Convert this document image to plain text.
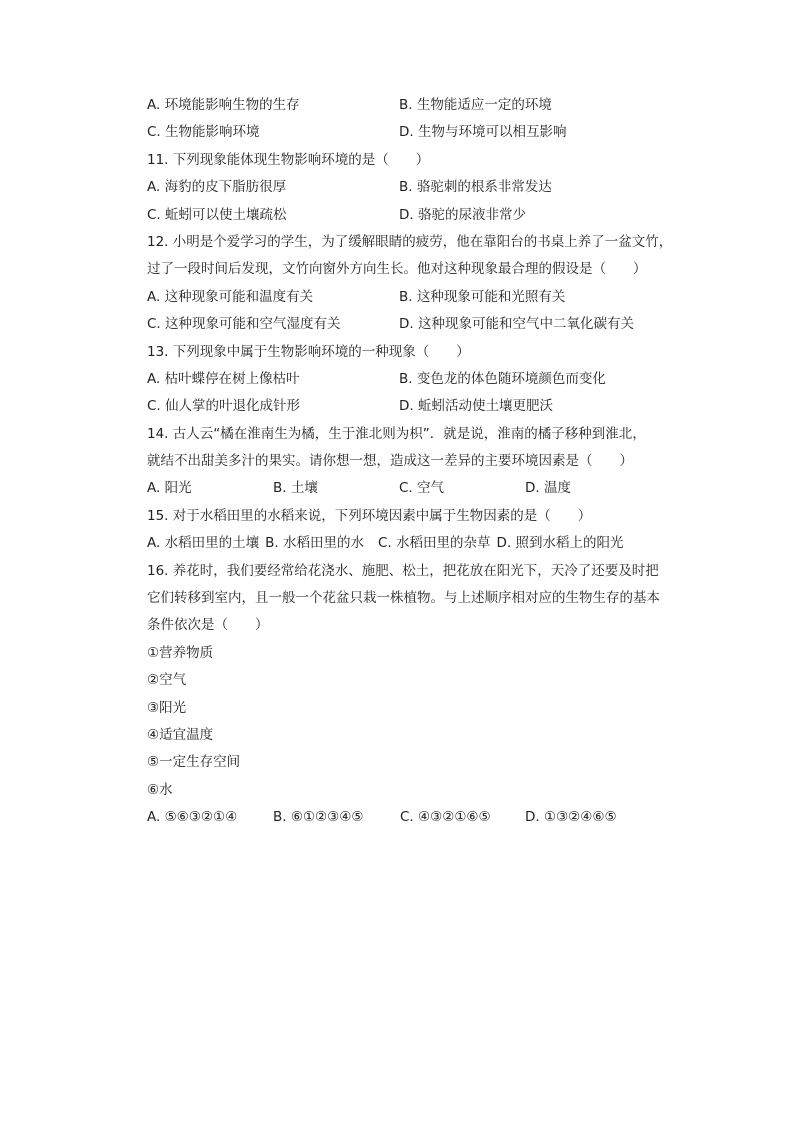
A. 环境能影响生物的生存	B. 生物能适应一定的环境
C. 生物能影响环境	D. 生物与环境可以相互影响
11. 下列现象能体现生物影响环境的是（　　）
A. 海豹的皮下脂肪很厚	B. 骆驼刺的根系非常发达
C. 蚯蚓可以使土壤疏松	D. 骆驼的尿液非常少
12. 小明是个爱学习的学生，为了缓解眼睛的疲劳，他在靠阳台的书桌上养了一盆文竹，
过了一段时间后发现，文竹向窗外方向生长。他对这种现象最合理的假设是（　　）
A. 这种现象可能和温度有关	B. 这种现象可能和光照有关
C. 这种现象可能和空气湿度有关	D. 这种现象可能和空气中二氧化碳有关
13. 下列现象中属于生物影响环境的一种现象（　　）
A. 枯叶蝶停在树上像枯叶	B. 变色龙的体色随环境颜色而变化
C. 仙人掌的叶退化成针形	D. 蚯蚓活动使土壤更肥沃
14. 古人云“橘在淮南生为橘，生于淮北则为枳”．就是说，淮南的橘子移种到淮北，
就结不出甜美多汁的果实。请你想一想，造成这一差异的主要环境因素是（　　）
A. 阳光	B. 土壤	C. 空气	D. 温度
15. 对于水稻田里的水稻来说，下列环境因素中属于生物因素的是（　　）
A. 水稻田里的土壤 B. 水稻田里的水 C. 水稻田里的杂草 D. 照到水稻上的阳光
16. 养花时，我们要经常给花浇水、施肥、松土，把花放在阳光下，天冷了还要及时把
它们转移到室内，且一般一个花盆只栽一株植物。与上述顺序相对应的生物生存的基本
条件依次是（　　）
①营养物质
②空气
③阳光
④适宜温度
⑤一定生存空间
⑥水
A. ⑤⑥③②①④	B. ⑥①②③④⑤	C. ④③②①⑥⑤	D. ①③②④⑥⑤
